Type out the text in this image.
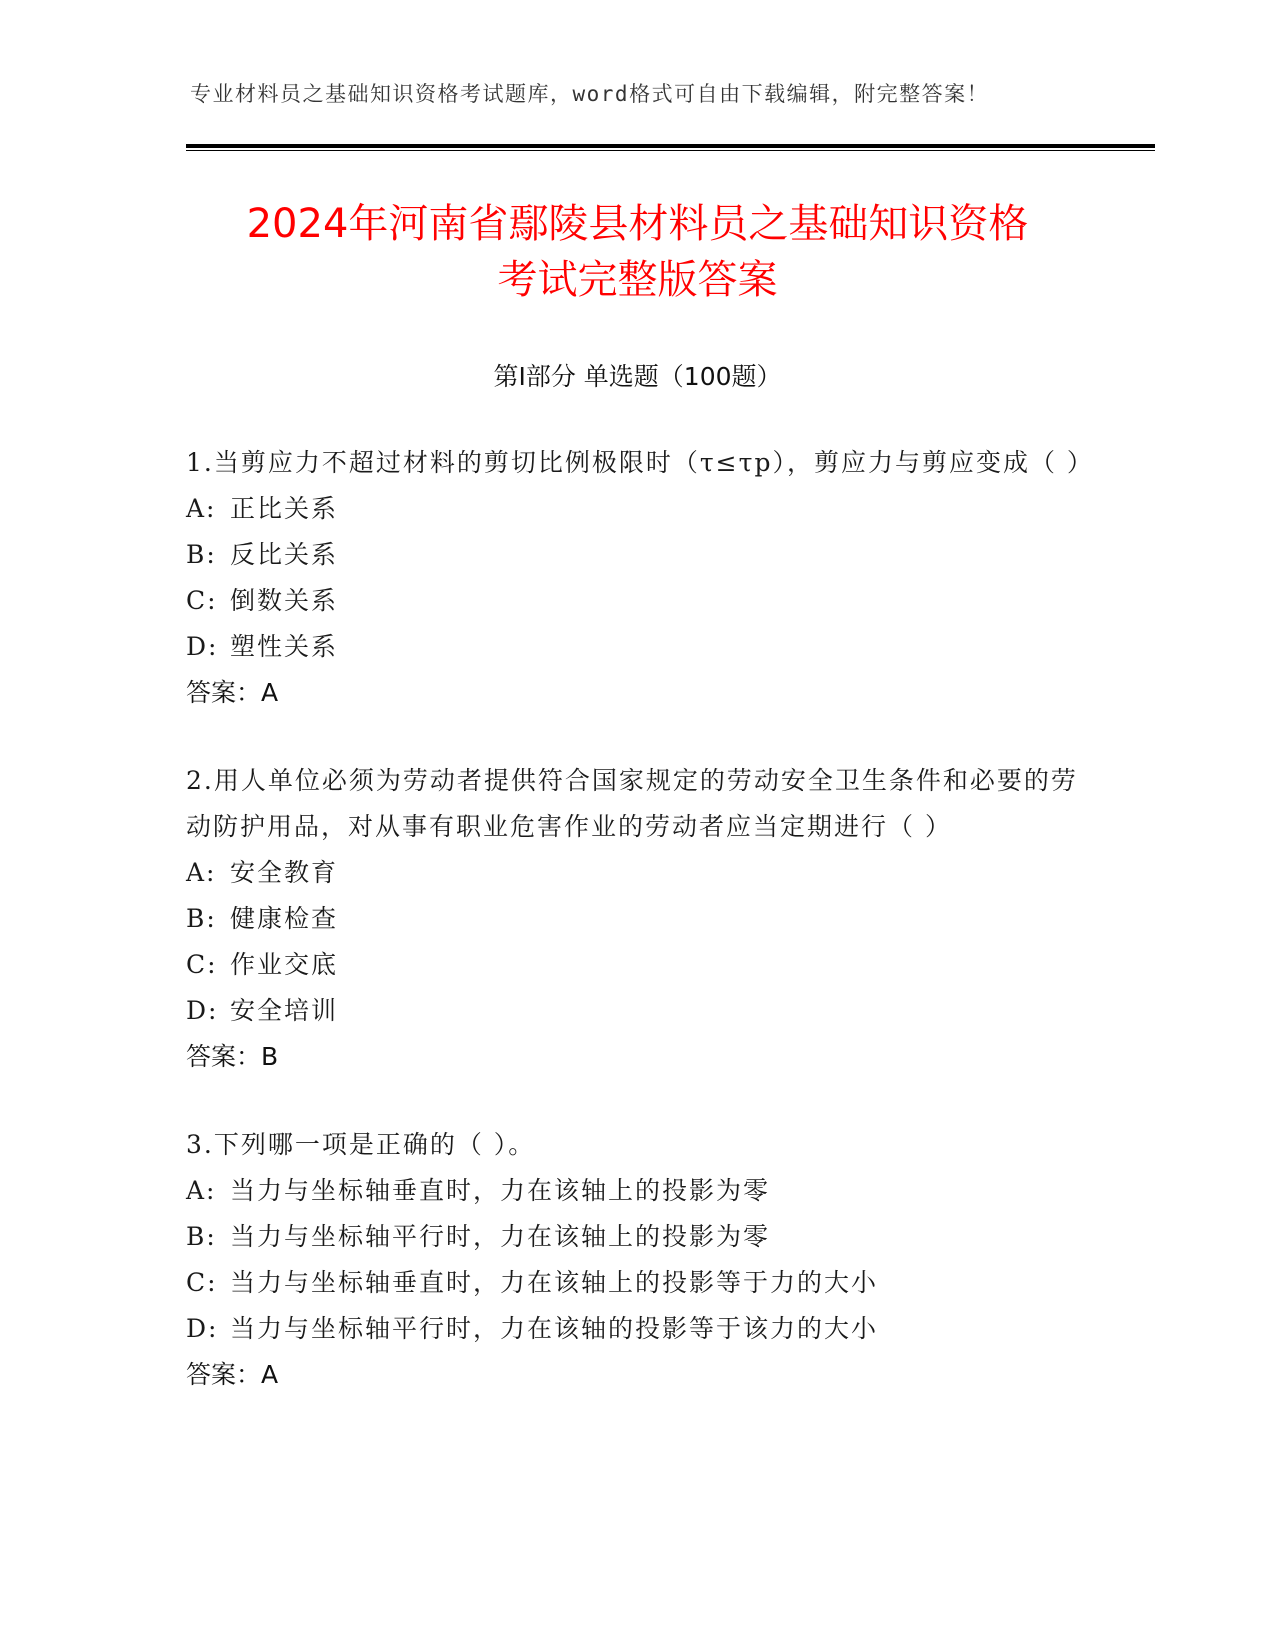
专业材料员之基础知识资格考试题库，word格式可自由下载编辑，附完整答案！
2024年河南省鄢陵县材料员之基础知识资格
考试完整版答案
第Ⅰ部分 单选题（100题）
1.当剪应力不超过材料的剪切比例极限时（τ≤τp），剪应力与剪应变成（ ）
A: 正比关系
B: 反比关系
C: 倒数关系
D: 塑性关系
答案：A
2.用人单位必须为劳动者提供符合国家规定的劳动安全卫生条件和必要的劳动防护用品，对从事有职业危害作业的劳动者应当定期进行（ ）
A: 安全教育
B: 健康检查
C: 作业交底
D: 安全培训
答案：B
3.下列哪一项是正确的（ ）。
A: 当力与坐标轴垂直时，力在该轴上的投影为零
B: 当力与坐标轴平行时，力在该轴上的投影为零
C: 当力与坐标轴垂直时，力在该轴上的投影等于力的大小
D: 当力与坐标轴平行时，力在该轴的投影等于该力的大小
答案：A
